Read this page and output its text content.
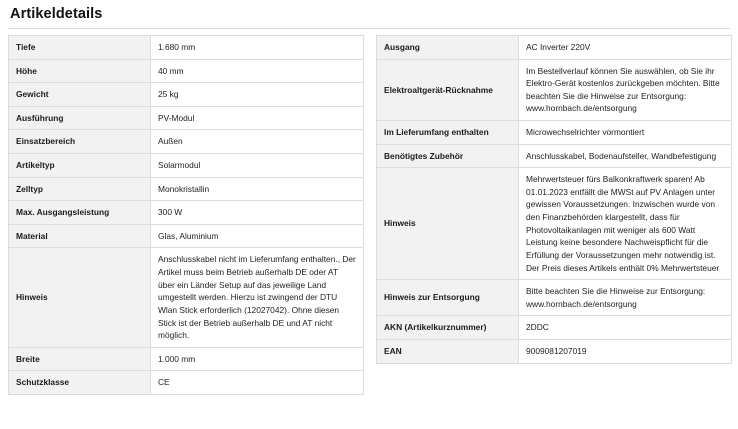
Artikeldetails
Tiefe	1.680 mm
Höhe	40 mm
Gewicht	25 kg
Ausführung	PV-Modul
Einsatzbereich	Außen
Artikeltyp	Solarmodul
Zelltyp	Monokristallin
Max. Ausgangsleistung	300 W
Material	Glas, Aluminium
Hinweis	Anschlusskabel nicht im Lieferumfang enthalten., Der Artikel muss beim Betrieb außerhalb DE oder AT über ein Länder Setup auf das jeweilige Land umgestellt werden. Hierzu ist zwingend der DTU Wlan Stick erforderlich (12027042). Ohne diesen Stick ist der Betrieb außerhalb DE und AT nicht möglich.
Breite	1.000 mm
Schutzklasse	CE
Ausgang	AC Inverter 220V
Elektroaltgerät-Rücknahme	Im Bestellverlauf können Sie auswählen, ob Sie ihr Elektro-Gerät kostenlos zurückgeben möchten. Bitte beachten Sie die Hinweise zur Entsorgung: www.hornbach.de/entsorgung
Im Lieferumfang enthalten	Microwechselrichter vormontiert
Benötigtes Zubehör	Anschlusskabel, Bodenaufsteller, Wandbefestigung
Hinweis	Mehrwertsteuer fürs Balkonkraftwerk sparen! Ab 01.01.2023 entfällt die MWSt auf PV Anlagen unter gewissen Voraussetzungen. Inzwischen wurde von den Finanzbehörden klargestellt, dass für Photovoltaikanlagen mit weniger als 600 Watt Leistung keine besondere Nachweispflicht für die Erfüllung der Voraussetzungen mehr notwendig ist. Der Preis dieses Artikels enthält 0% Mehrwertsteuer
Hinweis zur Entsorgung	Bitte beachten Sie die Hinweise zur Entsorgung: www.hornbach.de/entsorgung
AKN (Artikelkurznummer)	2DDC
EAN	9009081207019
